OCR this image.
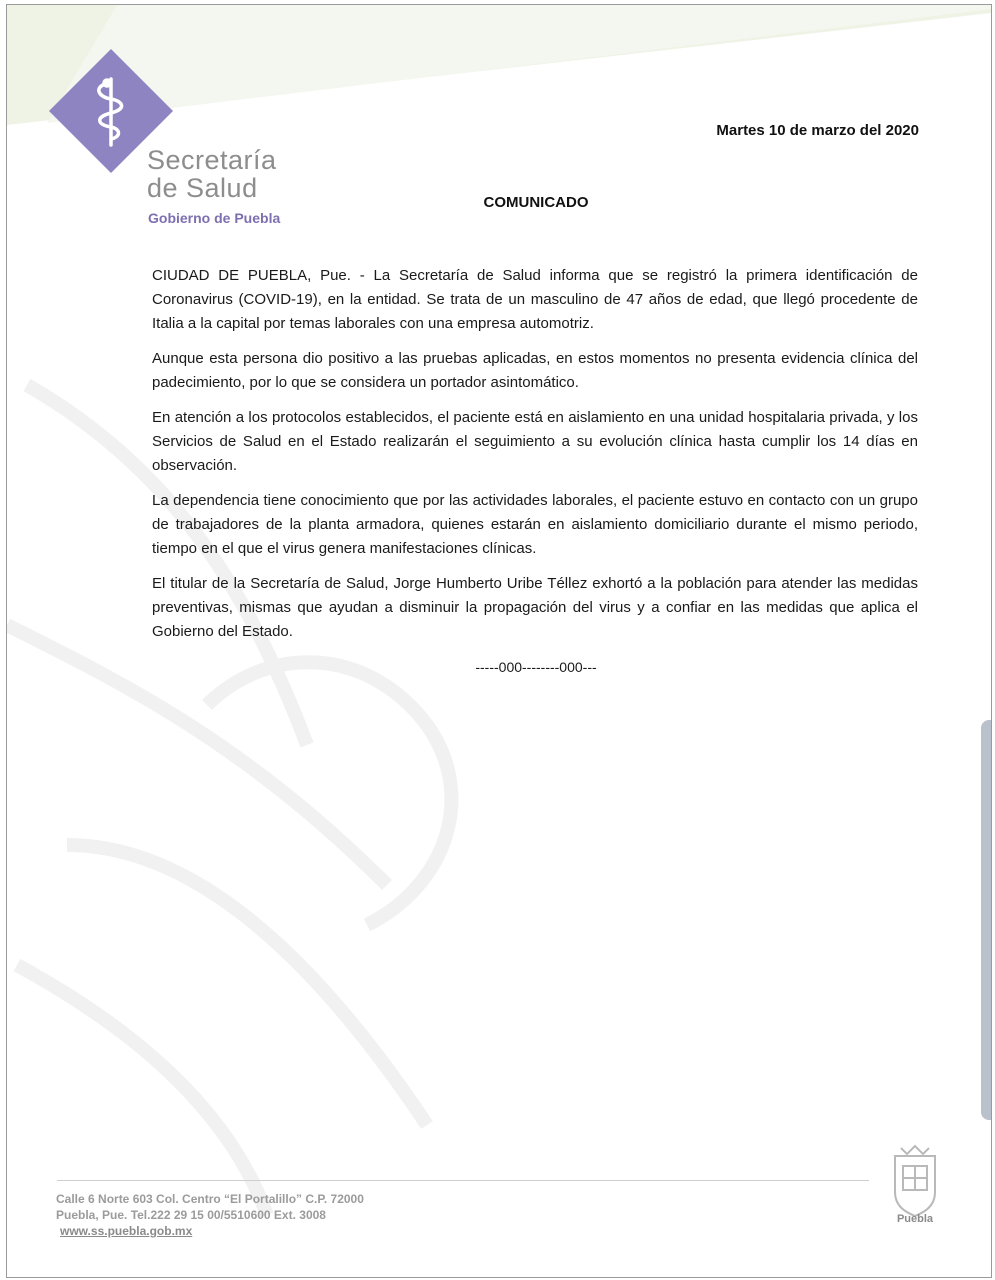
Secretaría
de Salud
Gobierno de Puebla
Martes 10 de marzo del 2020
COMUNICADO

CIUDAD DE PUEBLA, Pue. - La Secretaría de Salud informa que se registró la primera identificación de Coronavirus (COVID-19), en la entidad. Se trata de un masculino de 47 años de edad, que llegó procedente de Italia a la capital por temas laborales con una empresa automotriz.

Aunque esta persona dio positivo a las pruebas aplicadas, en estos momentos no presenta evidencia clínica del padecimiento, por lo que se considera un portador asintomático.

En atención a los protocolos establecidos, el paciente está en aislamiento en una unidad hospitalaria privada, y los Servicios de Salud en el Estado realizarán el seguimiento a su evolución clínica hasta cumplir los 14 días en observación.

La dependencia tiene conocimiento que por las actividades laborales, el paciente estuvo en contacto con un grupo de trabajadores de la planta armadora, quienes estarán en aislamiento domiciliario durante el mismo periodo, tiempo en el que el virus genera manifestaciones clínicas.

El titular de la Secretaría de Salud, Jorge Humberto Uribe Téllez exhortó a la población para atender las medidas preventivas, mismas que ayudan a disminuir la propagación del virus y a confiar en las medidas que aplica el Gobierno del Estado.

-----000--------000---
Calle 6 Norte 603 Col. Centro “El Portalillo” C.P. 72000
Puebla, Pue. Tel.222 29 15 00/5510600 Ext. 3008
www.ss.puebla.gob.mx
Puebla
